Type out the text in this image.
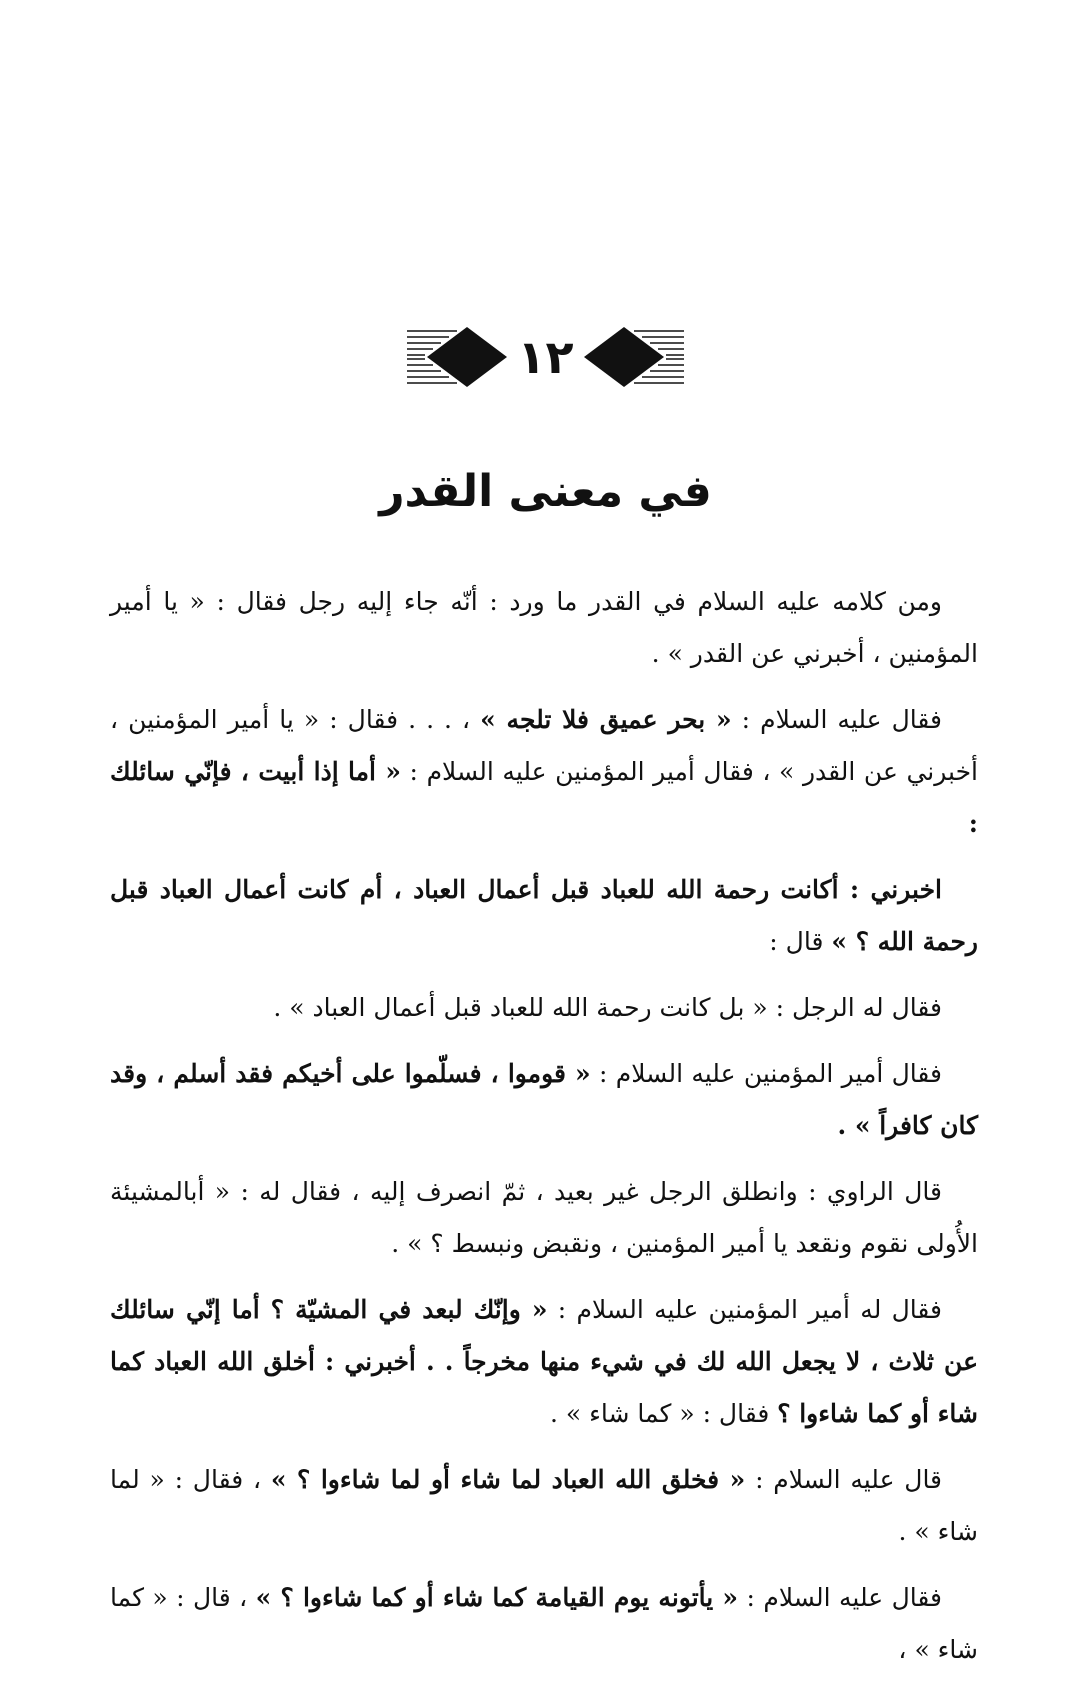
١٢
في معنى القدر

ومن كلامه عليه السلام في القدر ما ورد : أنّه جاء إليه رجل فقال : « يا أمير المؤمنين ، أخبرني عن القدر » .

فقال عليه السلام : « بحر عميق فلا تلجه » ، . . . فقال : « يا أمير المؤمنين ، أخبرني عن القدر » ، فقال أمير المؤمنين عليه السلام : « أما إذا أبيت ، فإنّي سائلك :

اخبرني : أكانت رحمة الله للعباد قبل أعمال العباد ، أم كانت أعمال العباد قبل رحمة الله ؟ » قال :

فقال له الرجل : « بل كانت رحمة الله للعباد قبل أعمال العباد » .

فقال أمير المؤمنين عليه السلام : « قوموا ، فسلّموا على أخيكم فقد أسلم ، وقد كان كافراً » .

قال الراوي : وانطلق الرجل غير بعيد ، ثمّ انصرف إليه ، فقال له : « أبالمشيئة الأُولى نقوم ونقعد يا أمير المؤمنين ، ونقبض ونبسط ؟ » .

فقال له أمير المؤمنين عليه السلام : « وإنّك لبعد في المشيّة ؟ أما إنّي سائلك عن ثلاث ، لا يجعل الله لك في شيء منها مخرجاً . . أخبرني : أخلق الله العباد كما شاء أو كما شاءوا ؟ فقال : « كما شاء » .

قال عليه السلام : « فخلق الله العباد لما شاء أو لما شاءوا ؟ » ، فقال : « لما شاء » .

فقال عليه السلام : « يأتونه يوم القيامة كما شاء أو كما شاءوا ؟ » ، قال : « كما شاء » ،
